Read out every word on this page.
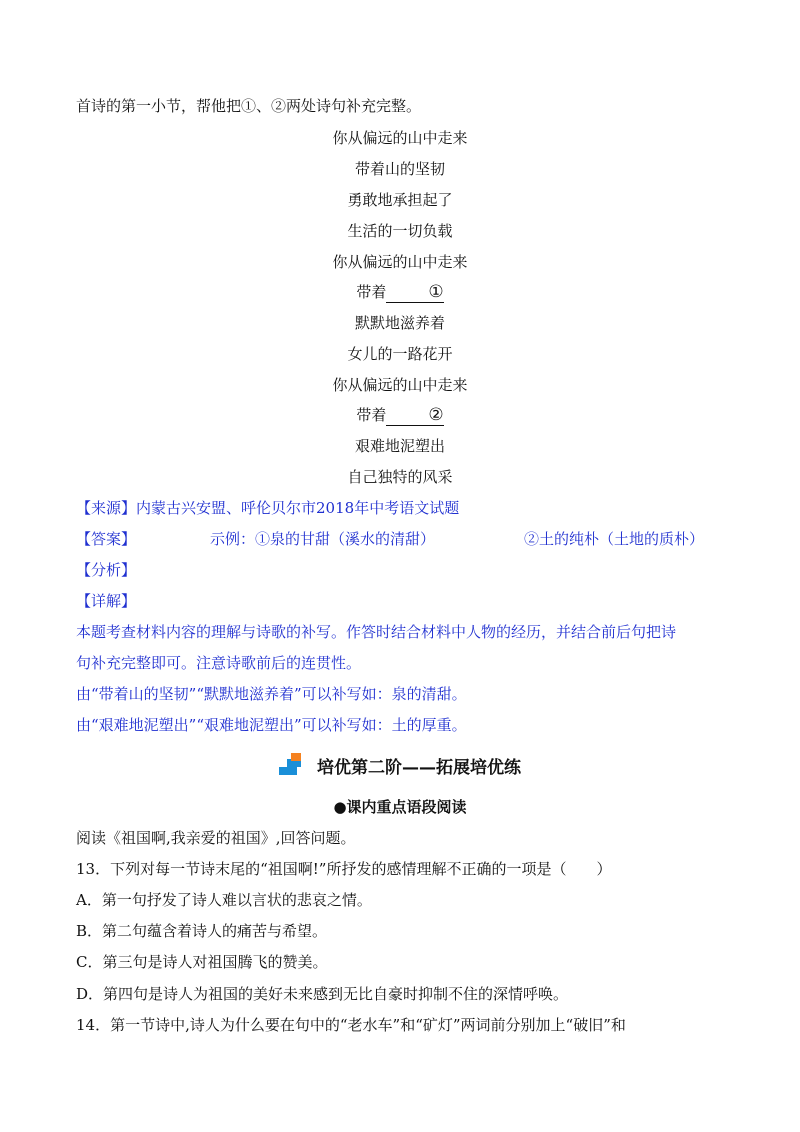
首诗的第一小节，帮他把①、②两处诗句补充完整。
你从偏远的山中走来
带着山的坚韧
勇敢地承担起了
生活的一切负载
你从偏远的山中走来
带着 ①
默默地滋养着
女儿的一路花开
你从偏远的山中走来
带着 ②
艰难地泥塑出
自己独特的风采
【来源】内蒙古兴安盟、呼伦贝尔市2018年中考语文试题
【答案】	示例：①泉的甘甜（溪水的清甜）	②土的纯朴（土地的质朴）
【分析】
【详解】
本题考查材料内容的理解与诗歌的补写。作答时结合材料中人物的经历，并结合前后句把诗
句补充完整即可。注意诗歌前后的连贯性。
由“带着山的坚韧”“默默地滋养着”可以补写如：泉的清甜。
由“艰难地泥塑出”“艰难地泥塑出”可以补写如：土的厚重。
培优第二阶——拓展培优练
●课内重点语段阅读
阅读《祖国啊,我亲爱的祖国》,回答问题。
13．下列对每一节诗末尾的“祖国啊!”所抒发的感情理解不正确的一项是（　　）
A．第一句抒发了诗人难以言状的悲哀之情。
B．第二句蕴含着诗人的痛苦与希望。
C．第三句是诗人对祖国腾飞的赞美。
D．第四句是诗人为祖国的美好未来感到无比自豪时抑制不住的深情呼唤。
14．第一节诗中,诗人为什么要在句中的“老水车”和“矿灯”两词前分别加上“破旧”和
